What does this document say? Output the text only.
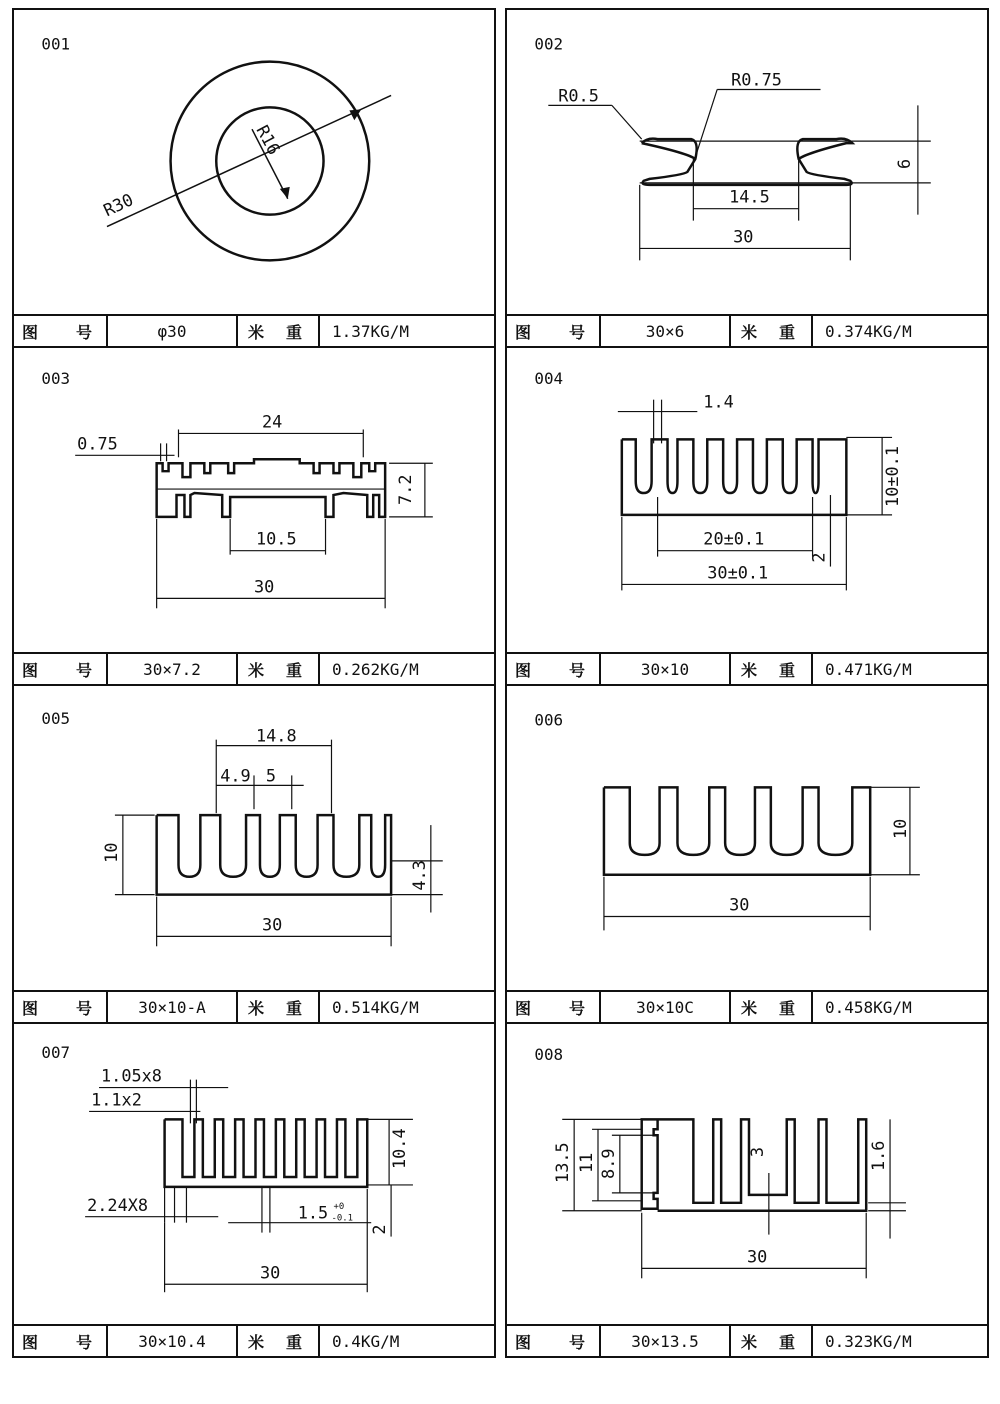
001
R30
R16
图 号	φ30	米 重	1.37KG/M
002
6
14.5
30
R0.5
R0.75
图 号	30×6	米 重	0.374KG/M
003
24
0.75
7.2
10.5
30
图 号	30×7.2	米 重	0.262KG/M
004
1.4
10±0.1
2
20±0.1
30±0.1
图 号	30×10	米 重	0.471KG/M
005
14.8
4.9 5
10
4.3
30
图 号	30×10-A	米 重	0.514KG/M
006
10
30
图 号	30×10C	米 重	0.458KG/M
007
1.05x8
1.1x2
2.24X8	1.5 +0
-0.1
10.4
2
30
图 号	30×10.4	米 重	0.4KG/M
008
13.5 11 8.9	3	1.6
30
图 号	30×13.5	米 重	0.323KG/M
